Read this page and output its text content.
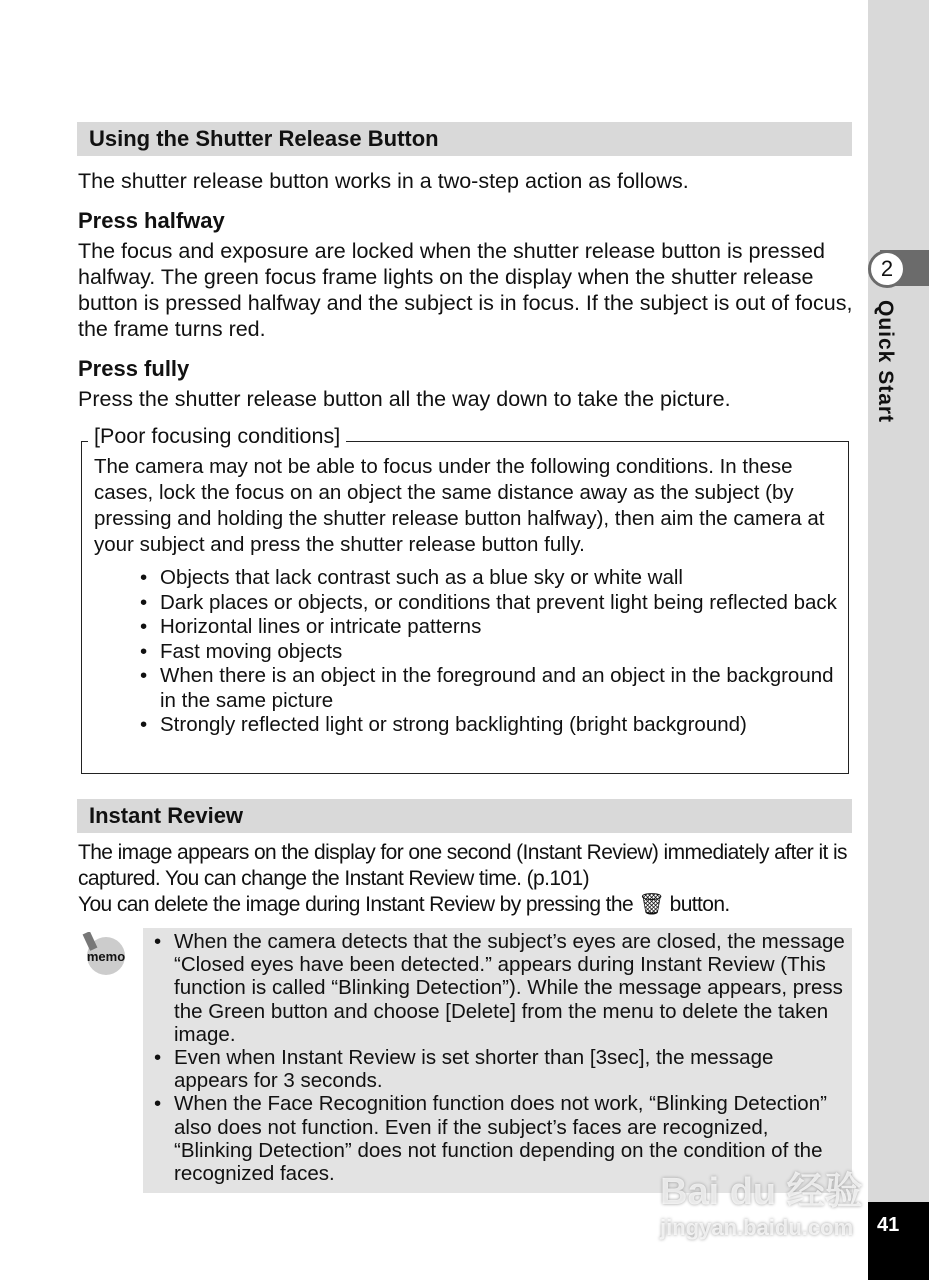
2
Quick Start
41
Using the Shutter Release Button
The shutter release button works in a two-step action as follows.
Press halfway
The focus and exposure are locked when the shutter release button is pressed halfway. The green focus frame lights on the display when the shutter release button is pressed halfway and the subject is in focus. If the subject is out of focus, the frame turns red.
Press fully
Press the shutter release button all the way down to take the picture.
[Poor focusing conditions]
The camera may not be able to focus under the following conditions. In these cases, lock the focus on an object the same distance away as the subject (by pressing and holding the shutter release button halfway), then aim the camera at your subject and press the shutter release button fully.
• Objects that lack contrast such as a blue sky or white wall
• Dark places or objects, or conditions that prevent light being reflected back
• Horizontal lines or intricate patterns
• Fast moving objects
• When there is an object in the foreground and an object in the background in the same picture
• Strongly reflected light or strong backlighting (bright background)
Instant Review
The image appears on the display for one second (Instant Review) immediately after it is captured. You can change the Instant Review time. (p.101)
You can delete the image during Instant Review by pressing the 🗑 button.
memo
• When the camera detects that the subject’s eyes are closed, the message “Closed eyes have been detected.” appears during Instant Review (This function is called “Blinking Detection”). While the message appears, press the Green button and choose [Delete] from the menu to delete the taken image.
• Even when Instant Review is set shorter than [3sec], the message appears for 3 seconds.
• When the Face Recognition function does not work, “Blinking Detection” also does not function. Even if the subject’s faces are recognized, “Blinking Detection” does not function depending on the condition of the recognized faces.	Bai du 经验
jingyan.baidu.com
